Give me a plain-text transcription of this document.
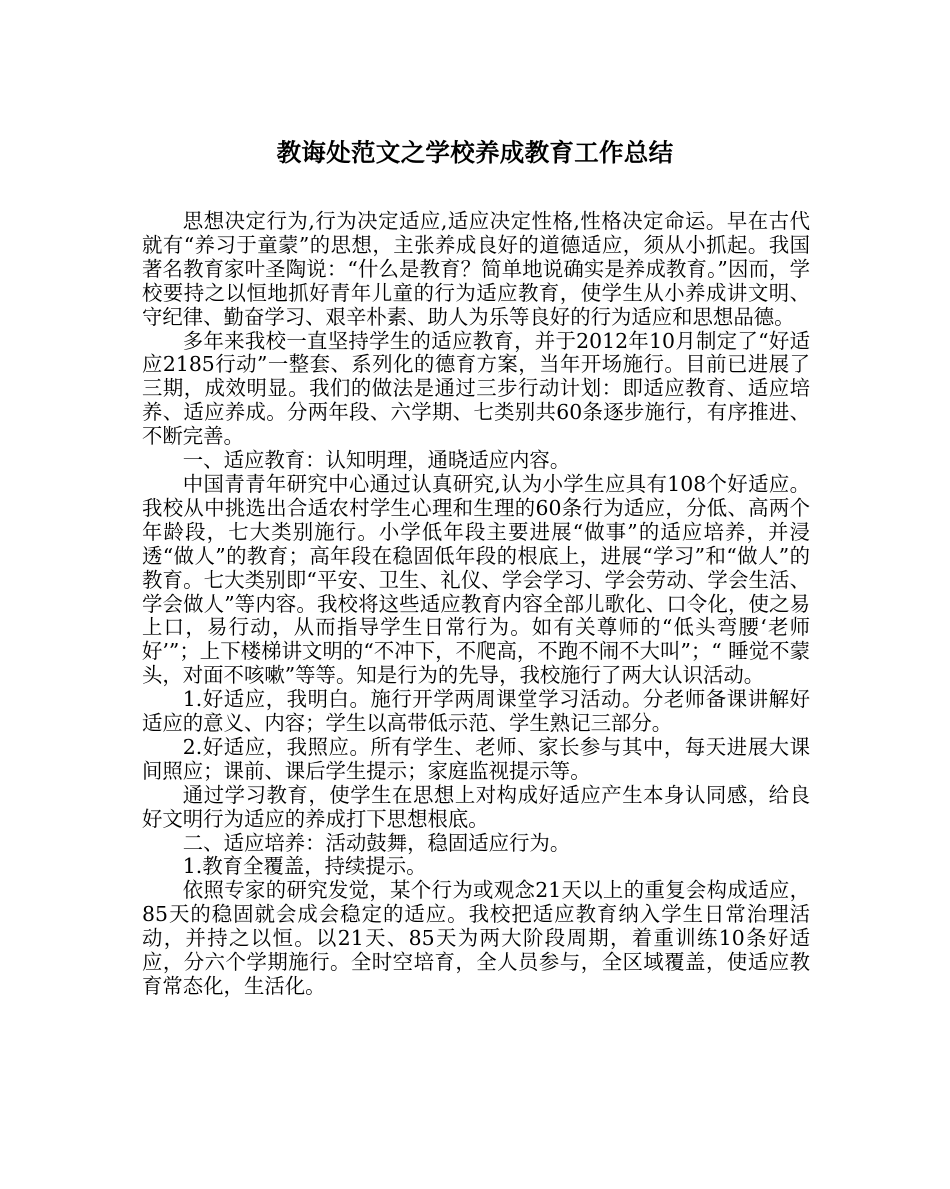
教诲处范文之学校养成教育工作总结

思想决定行为,行为决定适应,适应决定性格,性格决定命运。早在古代就有“养习于童蒙”的思想，主张养成良好的道德适应，须从小抓起。我国著名教育家叶圣陶说：“什么是教育？简单地说确实是养成教育。”因而，学校要持之以恒地抓好青年儿童的行为适应教育，使学生从小养成讲文明、守纪律、勤奋学习、艰辛朴素、助人为乐等良好的行为适应和思想品德。

多年来我校一直坚持学生的适应教育，并于2012年10月制定了“好适应2185行动”一整套、系列化的德育方案，当年开场施行。目前已进展了三期，成效明显。我们的做法是通过三步行动计划：即适应教育、适应培养、适应养成。分两年段、六学期、七类别共60条逐步施行，有序推进、不断完善。

一、适应教育：认知明理，通晓适应内容。

中国青青年研究中心通过认真研究,认为小学生应具有108个好适应。我校从中挑选出合适农村学生心理和生理的60条行为适应，分低、高两个年龄段，七大类别施行。小学低年段主要进展“做事”的适应培养，并浸透“做人”的教育；高年段在稳固低年段的根底上，进展“学习”和“做人”的教育。七大类别即“平安、卫生、礼仪、学会学习、学会劳动、学会生活、学会做人”等内容。我校将这些适应教育内容全部儿歌化、口令化，使之易上口，易行动，从而指导学生日常行为。如有关尊师的“低头弯腰‘老师好’”；上下楼梯讲文明的“不冲下，不爬高，不跑不闹不大叫”；“ 睡觉不蒙头，对面不咳嗽”等等。知是行为的先导，我校施行了两大认识活动。

1.好适应，我明白。施行开学两周课堂学习活动。分老师备课讲解好适应的意义、内容；学生以高带低示范、学生熟记三部分。

2.好适应，我照应。所有学生、老师、家长参与其中，每天进展大课间照应；课前、课后学生提示；家庭监视提示等。

通过学习教育，使学生在思想上对构成好适应产生本身认同感，给良好文明行为适应的养成打下思想根底。

二、适应培养：活动鼓舞，稳固适应行为。

1.教育全覆盖，持续提示。

依照专家的研究发觉，某个行为或观念21天以上的重复会构成适应，85天的稳固就会成会稳定的适应。我校把适应教育纳入学生日常治理活动，并持之以恒。以21天、85天为两大阶段周期，着重训练10条好适应，分六个学期施行。全时空培育，全人员参与，全区域覆盖，使适应教育常态化，生活化。
